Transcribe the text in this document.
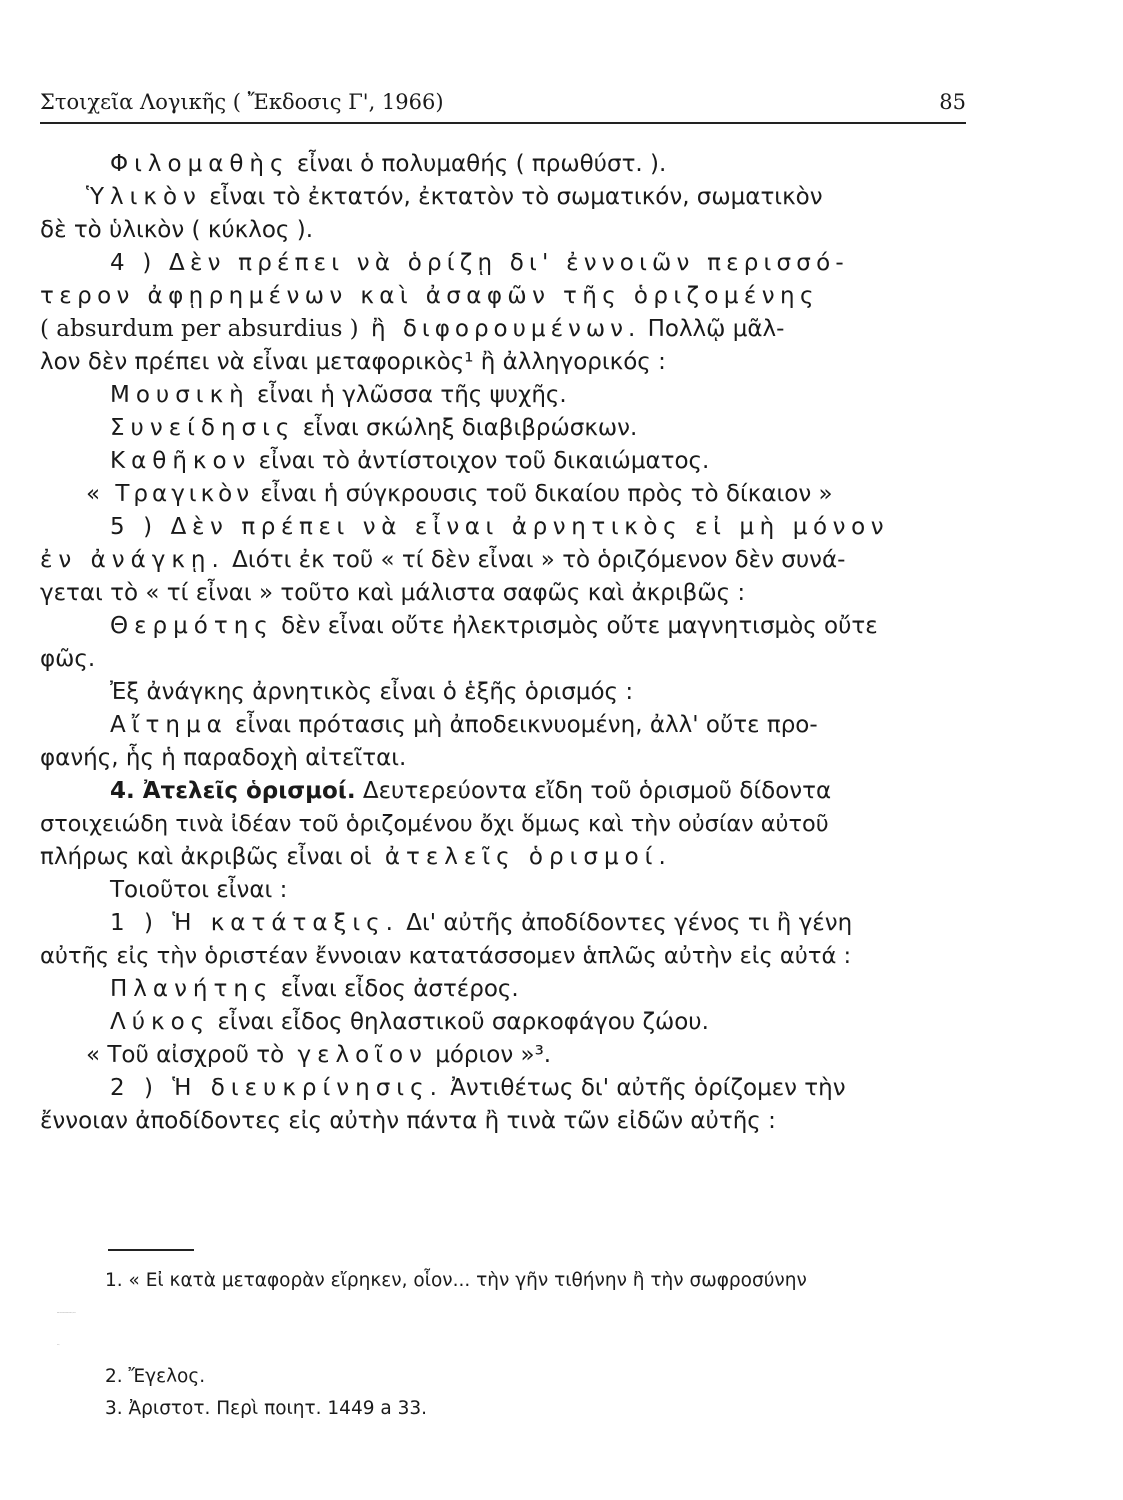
Στοιχεῖα Λογικῆς ( Ἔκδοσις Γ', 1966)	85
Φιλομαθὴς εἶναι ὁ πολυμαθής ( πρωθύστ. ).
Ὑλικὸν εἶναι τὸ ἐκτατόν, ἐκτατὸν τὸ σωματικόν, σωματικὸν
δὲ τὸ ὑλικὸν ( κύκλος ).
4 ) Δὲν πρέπει νὰ ὁρίζῃ δι' ἐννοιῶν περισσό-
τερον ἀφῃρημένων καὶ ἀσαφῶν τῆς ὁριζομένης
( absurdum per absurdius ) ἢ διφορουμένων. Πολλῷ μᾶλ-
λον δὲν πρέπει νὰ εἶναι μεταφορικὸς¹ ἢ ἀλληγορικός :
Μουσικὴ εἶναι ἡ γλῶσσα τῆς ψυχῆς.
Συνείδησις εἶναι σκώληξ διαβιβρώσκων.
Καθῆκον εἶναι τὸ ἀντίστοιχον τοῦ δικαιώματος.
« Τραγικὸν εἶναι ἡ σύγκρουσις τοῦ δικαίου πρὸς τὸ δίκαιον »
5 ) Δὲν πρέπει νὰ εἶναι ἀρνητικὸς εἰ μὴ μόνον
ἐν ἀνάγκῃ. Διότι ἐκ τοῦ « τί δὲν εἶναι » τὸ ὁριζόμενον δὲν συνά-
γεται τὸ « τί εἶναι » τοῦτο καὶ μάλιστα σαφῶς καὶ ἀκριβῶς :
Θερμότης δὲν εἶναι οὔτε ἠλεκτρισμὸς οὔτε μαγνητισμὸς οὔτε
φῶς.
Ἐξ ἀνάγκης ἀρνητικὸς εἶναι ὁ ἑξῆς ὁρισμός :
Αἴτημα εἶναι πρότασις μὴ ἀποδεικνυομένη, ἀλλ' οὔτε προ-
φανής, ἧς ἡ παραδοχὴ αἰτεῖται.
4. Ἀτελεῖς ὁρισμοί. Δευτερεύοντα εἴδη τοῦ ὁρισμοῦ δίδοντα
στοιχειώδη τινὰ ἰδέαν τοῦ ὁριζομένου ὄχι ὅμως καὶ τὴν οὐσίαν αὐτοῦ
πλήρως καὶ ἀκριβῶς εἶναι οἱ ἀτελεῖς ὁρισμοί.
Τοιοῦτοι εἶναι :
1 ) Ἡ κατάταξις. Δι' αὐτῆς ἀποδίδοντες γένος τι ἢ γένη
αὐτῆς εἰς τὴν ὁριστέαν ἔννοιαν κατατάσσομεν ἁπλῶς αὐτὴν εἰς αὐτά :
Πλανήτης εἶναι εἶδος ἀστέρος.
Λύκος εἶναι εἶδος θηλαστικοῦ σαρκοφάγου ζώου.
« Τοῦ αἰσχροῦ τὸ γελοῖον μόριον »³.
2 ) Ἡ διευκρίνησις. Ἀντιθέτως δι' αὐτῆς ὁρίζομεν τὴν
ἔννοιαν ἀποδίδοντες εἰς αὐτὴν πάντα ἢ τινὰ τῶν εἰδῶν αὐτῆς :
1. « Εἰ κατὰ μεταφορὰν εἴρηκεν, οἷον... τὴν γῆν τιθήνην ἢ τὴν σωφροσύνην
2. Ἔγελος.
3. Ἀριστοτ. Περὶ ποιητ. 1449 a 33.
